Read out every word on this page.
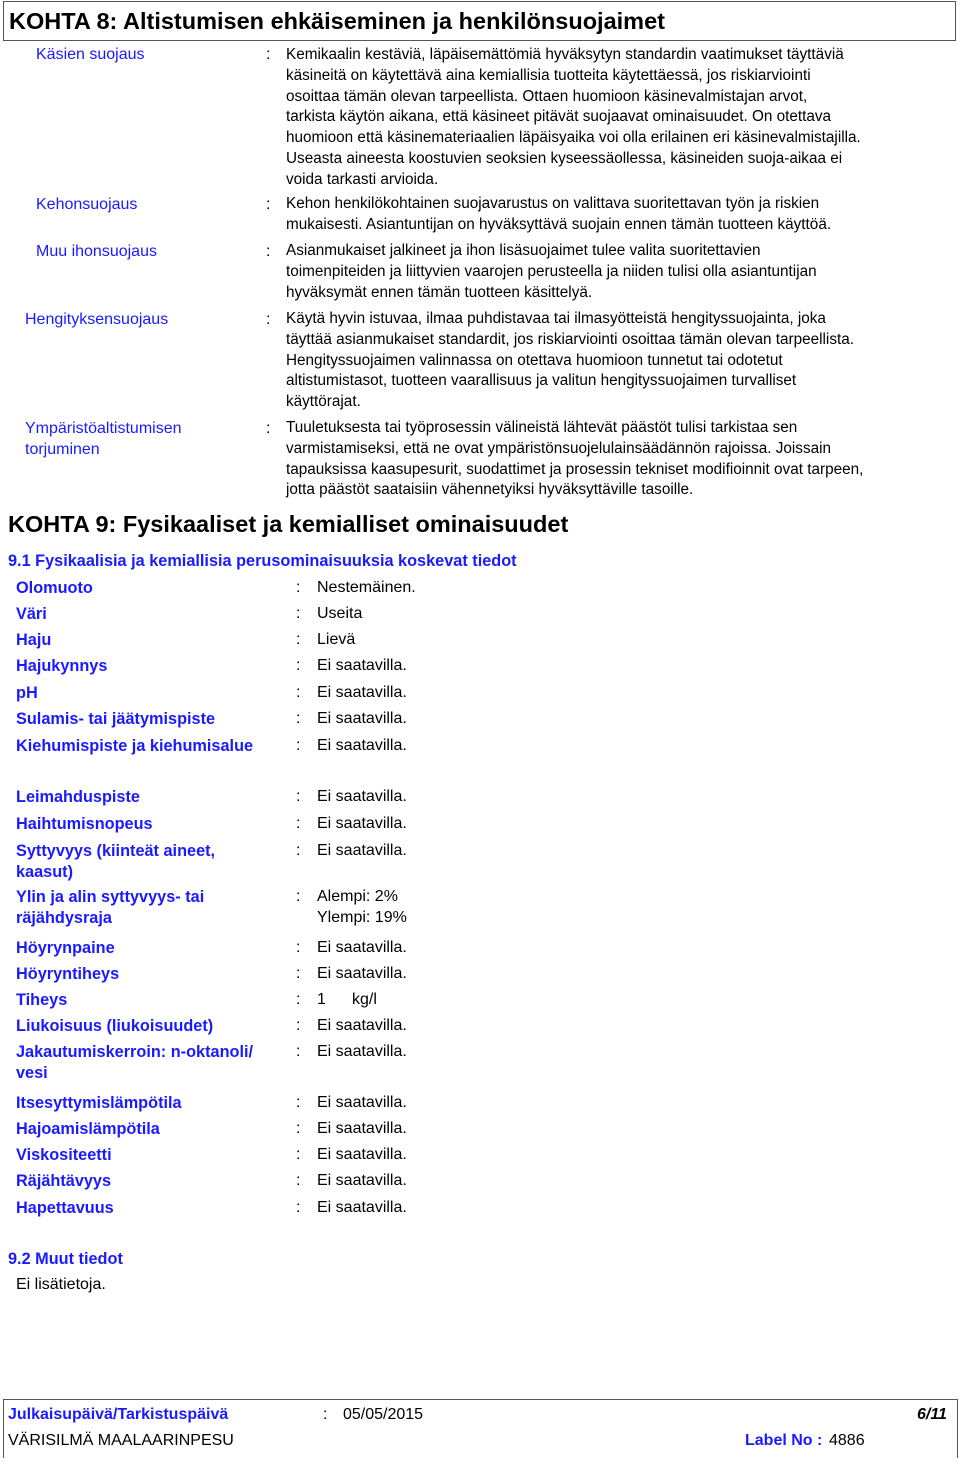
KOHTA 8: Altistumisen ehkäiseminen ja henkilönsuojaimet
Käsien suojaus	: Kemikaalin kestäviä, läpäisemättömiä hyväksytyn standardin vaatimukset täyttäviä

käsineitä on käytettävä aina kemiallisia tuotteita käytettäessä, jos riskiarviointi

osoittaa tämän olevan tarpeellista. Ottaen huomioon käsinevalmistajan arvot,

tarkista käytön aikana, että käsineet pitävät suojaavat ominaisuudet. On otettava

huomioon että käsinemateriaalien läpäisyaika voi olla erilainen eri käsinevalmistajilla.

Useasta aineesta koostuvien seoksien kyseessäollessa, käsineiden suoja-aikaa ei

voida tarkasti arvioida.

Kehonsuojaus	: Kehon henkilökohtainen suojavarustus on valittava suoritettavan työn ja riskien

mukaisesti. Asiantuntijan on hyväksyttävä suojain ennen tämän tuotteen käyttöä.

Muu ihonsuojaus	: Asianmukaiset jalkineet ja ihon lisäsuojaimet tulee valita suoritettavien

toimenpiteiden ja liittyvien vaarojen perusteella ja niiden tulisi olla asiantuntijan

hyväksymät ennen tämän tuotteen käsittelyä.

Hengityksensuojaus	: Käytä hyvin istuvaa, ilmaa puhdistavaa tai ilmasyötteistä hengityssuojainta, joka

täyttää asianmukaiset standardit, jos riskiarviointi osoittaa tämän olevan tarpeellista.

Hengityssuojaimen valinnassa on otettava huomioon tunnetut tai odotetut

altistumistasot, tuotteen vaarallisuus ja valitun hengityssuojaimen turvalliset

käyttörajat.

Ympäristöaltistumisen
torjuminen
: Tuuletuksesta tai työprosessin välineistä lähtevät päästöt tulisi tarkistaa sen

varmistamiseksi, että ne ovat ympäristönsuojelulainsäädännön rajoissa. Joissain

tapauksissa kaasupesurit, suodattimet ja prosessin tekniset modifioinnit ovat tarpeen,

jotta päästöt saataisiin vähennetyiksi hyväksyttäville tasoille.

KOHTA 9: Fysikaaliset ja kemialliset ominaisuudet
9.1 Fysikaalisia ja kemiallisia perusominaisuuksia koskevat tiedot
Olomuoto	: Nestemäinen.
Väri	: Useita
Haju	: Lievä
Hajukynnys	: Ei saatavilla.
pH	: Ei saatavilla.
Sulamis- tai jäätymispiste	: Ei saatavilla.
Kiehumispiste ja kiehumisalue	: Ei saatavilla.
Leimahduspiste	: Ei saatavilla.
Haihtumisnopeus	: Ei saatavilla.
Syttyvyys (kiinteät aineet,
kaasut)
: Ei saatavilla.
Ylin ja alin syttyvyys- tai
räjähdysraja
: Alempi: 2%
Ylempi: 19%
Höyrynpaine	: Ei saatavilla.
Höyryntiheys	: Ei saatavilla.
Tiheys	: 1 kg/l
Liukoisuus (liukoisuudet)	: Ei saatavilla.
Jakautumiskerroin: n-oktanoli/
vesi
: Ei saatavilla.
Itsesyttymislämpötila	: Ei saatavilla.
Hajoamislämpötila	: Ei saatavilla.
Viskositeetti	: Ei saatavilla.
Räjähtävyys	: Ei saatavilla.
Hapettavuus	: Ei saatavilla.
9.2 Muut tiedot
Ei lisätietoja.
Julkaisupäivä/Tarkistuspäivä	: 05/05/2015	6/11
VÄRISILMÄ MAALAARINPESU	Label No : 4886
